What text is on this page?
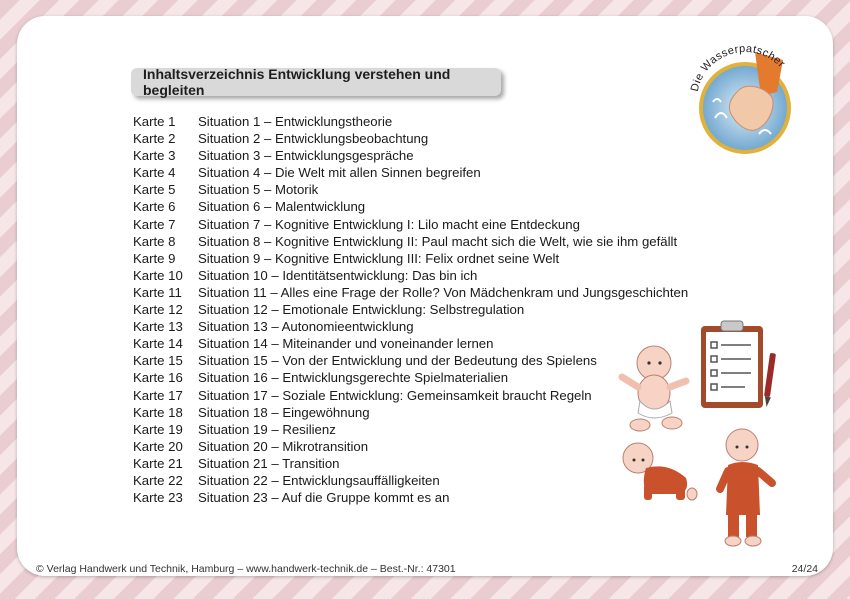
Inhaltsverzeichnis Entwicklung verstehen und begleiten
Karte 1	Situation 1 – Entwicklungstheorie
Karte 2	Situation 2 – Entwicklungsbeobachtung
Karte 3	Situation 3 – Entwicklungsgespräche
Karte 4	Situation 4 – Die Welt mit allen Sinnen begreifen
Karte 5	Situation 5 – Motorik
Karte 6	Situation 6 – Malentwicklung
Karte 7	Situation 7 – Kognitive Entwicklung I: Lilo macht eine Entdeckung
Karte 8	Situation 8 – Kognitive Entwicklung II: Paul macht sich die Welt, wie sie ihm gefällt
Karte 9	Situation 9 – Kognitive Entwicklung III: Felix ordnet seine Welt
Karte 10	Situation 10 – Identitätsentwicklung: Das bin ich
Karte 11	Situation 11 – Alles eine Frage der Rolle? Von Mädchenkram und Jungsgeschichten
Karte 12	Situation 12 – Emotionale Entwicklung: Selbstregulation
Karte 13	Situation 13 – Autonomieentwicklung
Karte 14	Situation 14 – Miteinander und voneinander lernen
Karte 15	Situation 15 – Von der Entwicklung und der Bedeutung des Spielens
Karte 16	Situation 16 – Entwicklungsgerechte Spielmaterialien
Karte 17	Situation 17 – Soziale Entwicklung: Gemeinsamkeit braucht Regeln
Karte 18	Situation 18 – Eingewöhnung
Karte 19	Situation 19 – Resilienz
Karte 20	Situation 20 – Mikrotransition
Karte 21	Situation 21 – Transition
Karte 22	Situation 22 – Entwicklungsauffälligkeiten
Karte 23	Situation 23 – Auf die Gruppe kommt es an
Die Wasserpatscher
© Verlag Handwerk und Technik, Hamburg – www.handwerk-technik.de – Best.-Nr.: 47301	24/24
